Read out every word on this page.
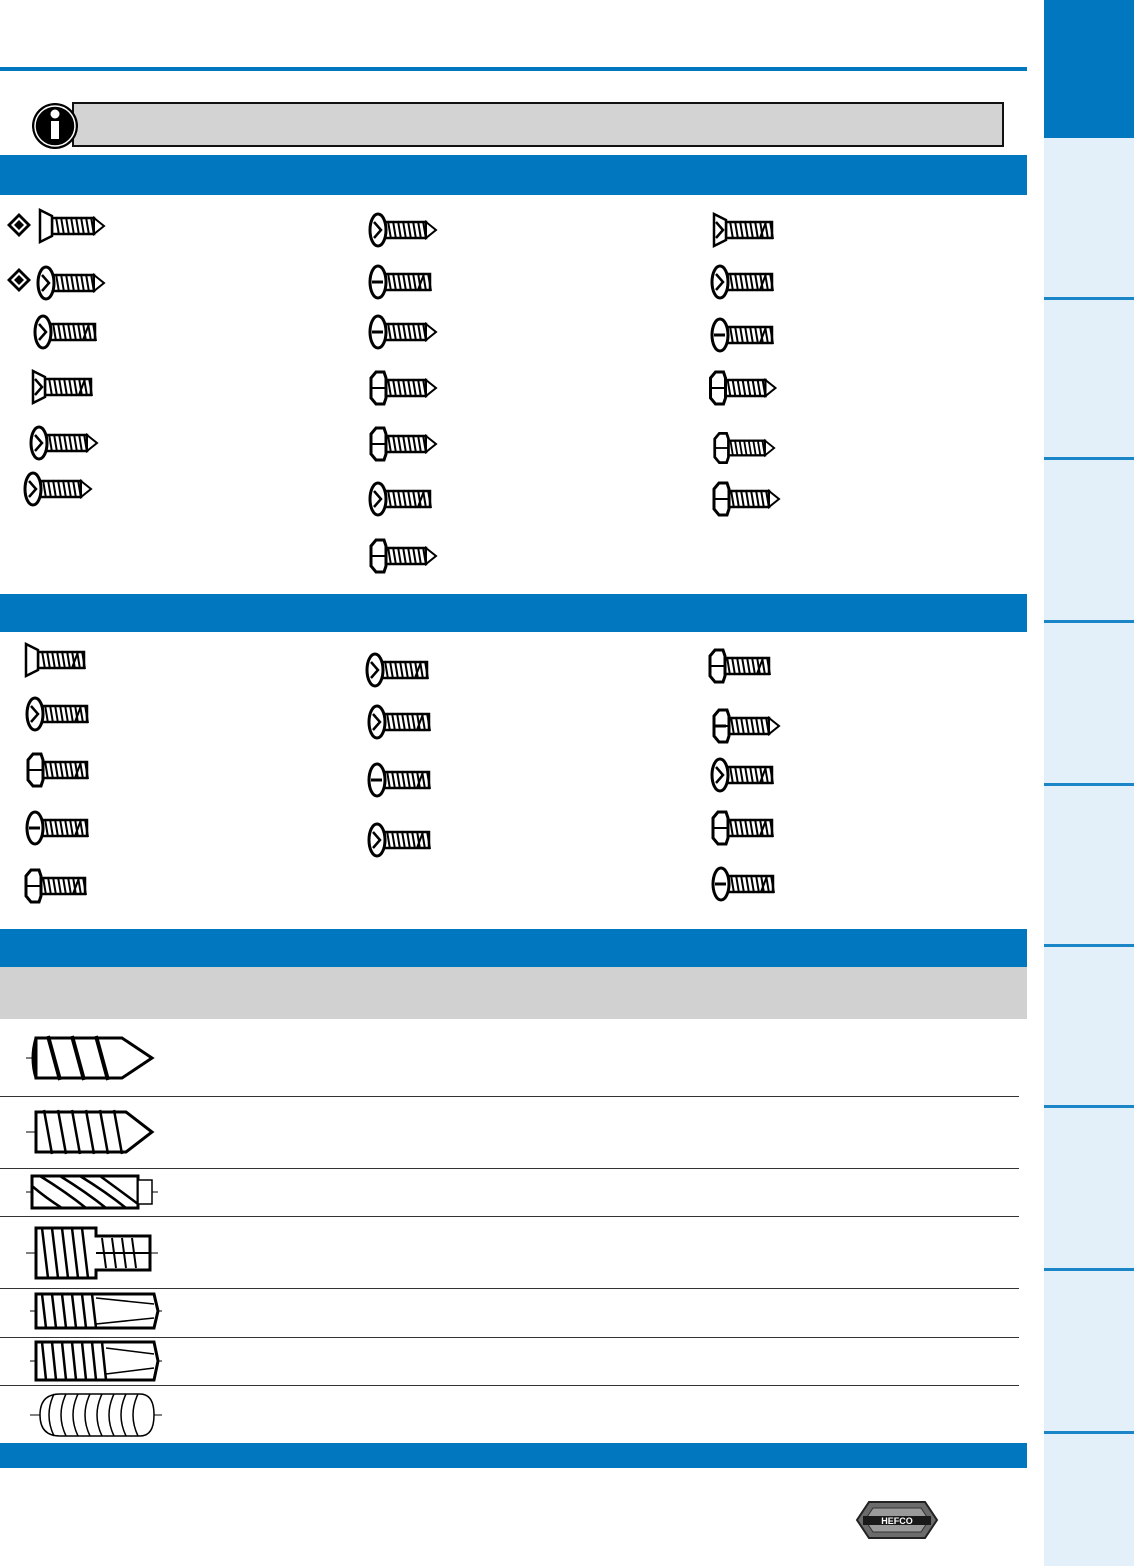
HEFCO
